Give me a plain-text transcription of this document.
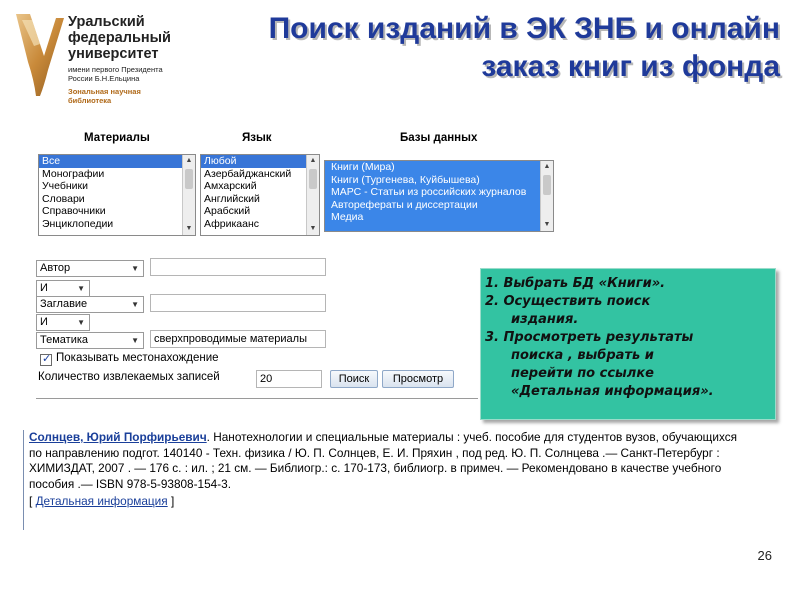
Уральский
федеральный
университет
имени первого Президента
России Б.Н.Ельцина
Зональная научная
библиотека
Поиск изданий в ЭК ЗНБ и онлайн
заказ книг из фонда
Материалы	Язык	Базы данных
Все
Монографии
Учебники
Словари
Справочники
Энциклопедии
▲
▼
Любой
Азербайджанский
Амхарский
Английский
Арабский
Африкаанс
▲
▼
Книги (Мира)
Книги (Тургенева, Куйбышева)
МАРС - Статьи из российских журналов
Авторефераты и диссертации
Медиа
▲
▼
Автор	▼
И	▼
Заглавие	▼
И	▼
Тематика	▼	сверхпроводимые материалы
✓
Показывать местонахождение
Количество извлекаемых записей	20	Поиск	Просмотр
1. Выбрать БД «Книги».
2. Осуществить поиск
издания.
3. Просмотреть результаты
поиска , выбрать и
перейти по ссылке
«Детальная информация».
Солнцев, Юрий Порфирьевич. Нанотехнологии и специальные материалы : учеб. пособие для студентов вузов, обучающихся
по направлению подгот. 140140 - Техн. физика / Ю. П. Солнцев, Е. И. Пряхин , под ред. Ю. П. Солнцева .— Санкт-Петербург :
ХИМИЗДАТ, 2007 . — 176 с. : ил. ; 21 см. — Библиогр.: с. 170-173, библиогр. в примеч. — Рекомендовано в качестве учебного
пособия .— ISBN 978-5-93808-154-3.
[ Детальная информация ]
26
